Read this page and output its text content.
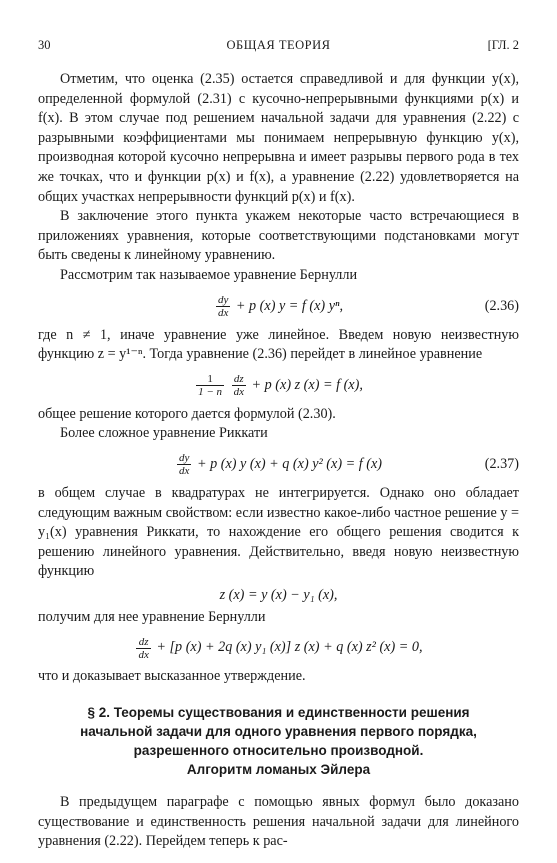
30	ОБЩАЯ ТЕОРИЯ	[ГЛ. 2

Отметим, что оценка (2.35) остается справедливой и для функции y(x), определенной формулой (2.31) с кусочно-непрерывными функциями p(x) и f(x). В этом случае под решением начальной задачи для уравнения (2.22) с разрывными коэффициентами мы понимаем непрерывную функцию y(x), производная которой кусочно непрерывна и имеет разрывы первого рода в тех же точках, что и функции p(x) и f(x), а уравнение (2.22) удовлетворяется на общих участках непрерывности функций p(x) и f(x).

В заключение этого пункта укажем некоторые часто встречающиеся в приложениях уравнения, которые соответствующими подстановками могут быть сведены к линейному уравнению.

Рассмотрим так называемое уравнение Бернулли

$\frac{dy}{dx} + p$ (x) y = f (x) yⁿ,	(2.36)

где n ≠ 1, иначе уравнение уже линейное. Введем новую неизвестную функцию z = y¹⁻ⁿ. Тогда уравнение (2.36) перейдет в линейное уравнение

$\frac{1}{1 - n}$
$\frac{dz}{dx} + p$ (x) z (x) = f (x),

общее решение которого дается формулой (2.30).

Более сложное уравнение Риккати

$\frac{dy}{dx} + p$ (x) y (x) + q (x) y² (x) = f (x)	(2.37)

в общем случае в квадратурах не интегрируется. Однако оно обладает следующим важным свойством: если известно какое-либо частное решение y = y₁(x) уравнения Риккати, то нахождение его общего решения сводится к решению линейного уравнения. Действительно, введя новую неизвестную функцию

z (x) = y (x) − y₁ (x),

получим для нее уравнение Бернулли

$\frac{dz}{dx} + [p$ (x) + 2q (x) y₁ (x)] z (x) + q (x) z² (x) = 0,

что и доказывает высказанное утверждение.

§ 2. Теоремы существования и единственности решения
начальной задачи для одного уравнения первого порядка,
разрешенного относительно производной.
Алгоритм ломаных Эйлера

В предыдущем параграфе с помощью явных формул было доказано существование и единственность решения начальной задачи для линейного уравнения (2.22). Перейдем теперь к рас-
